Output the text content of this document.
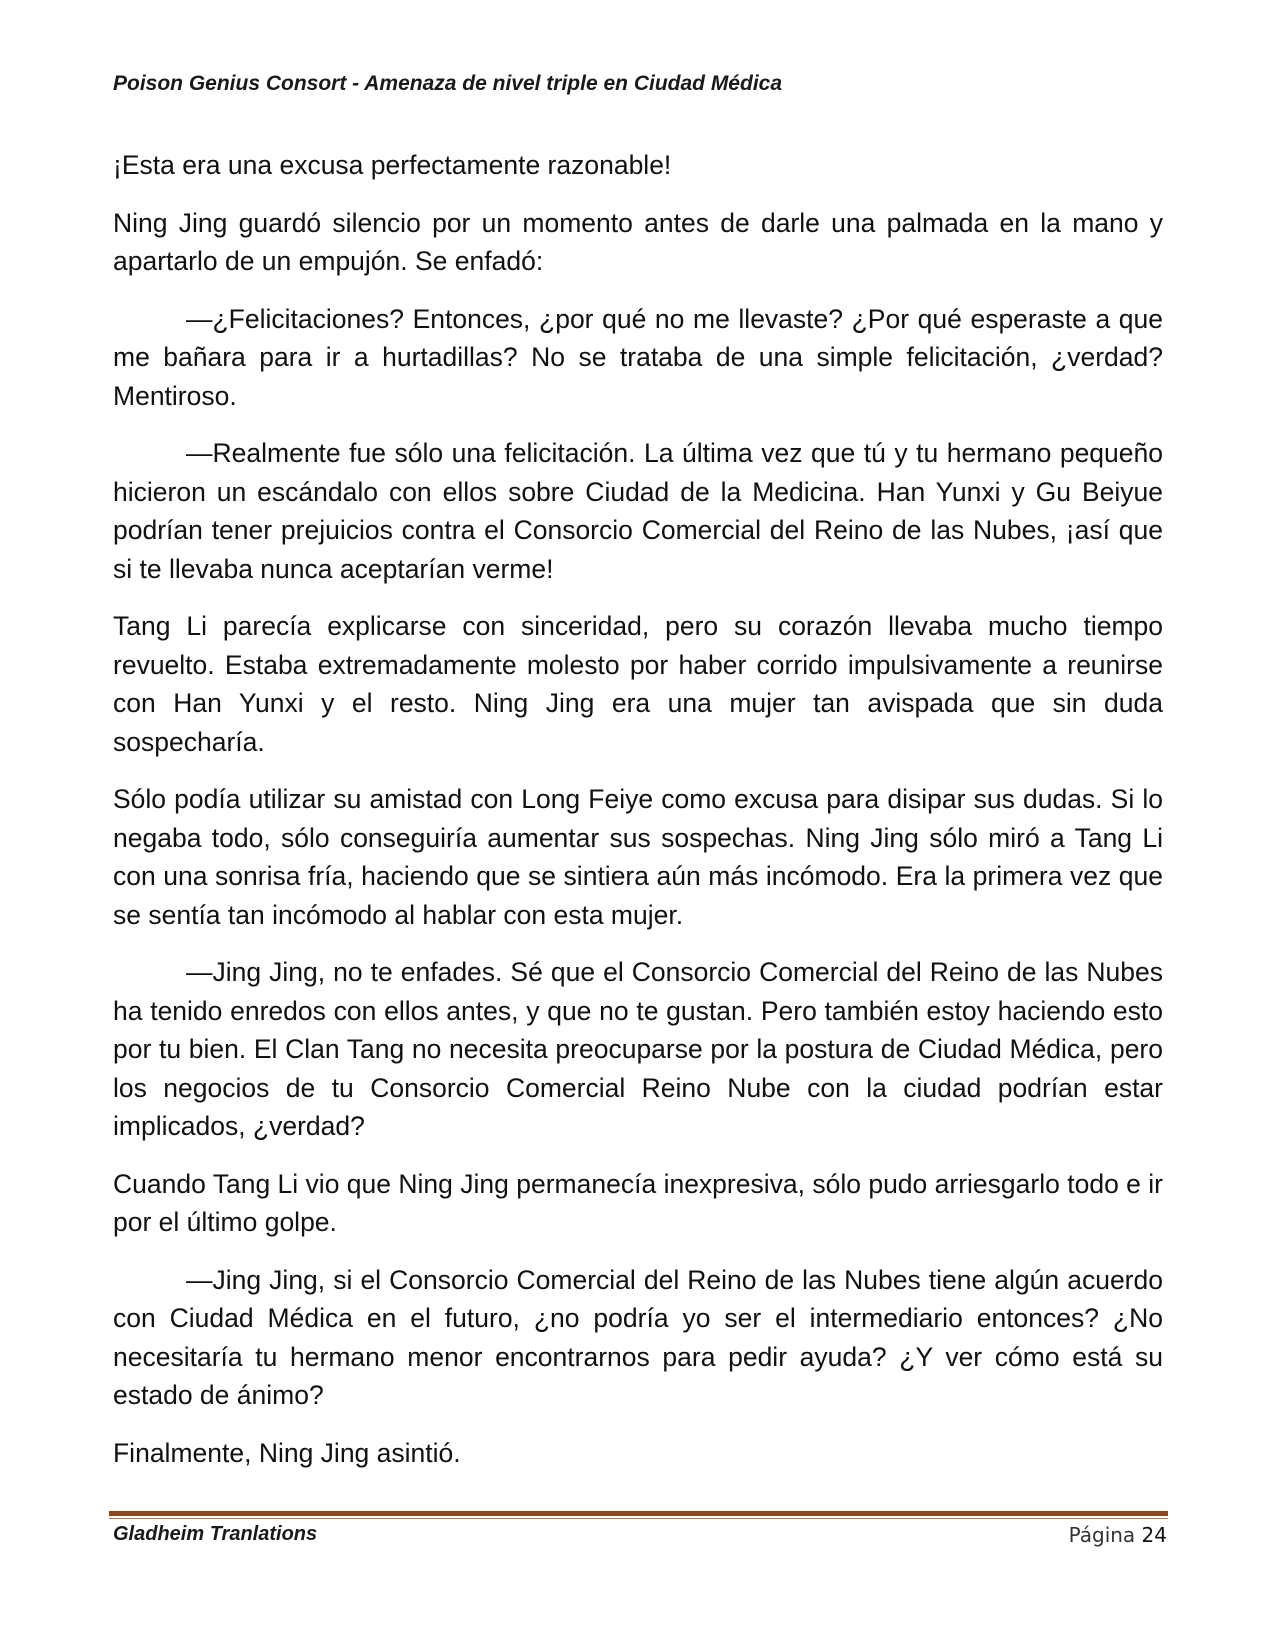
Poison Genius Consort - Amenaza de nivel triple en Ciudad Médica

¡Esta era una excusa perfectamente razonable!

Ning Jing guardó silencio por un momento antes de darle una palmada en la mano y apartarlo de un empujón. Se enfadó:

—¿Felicitaciones? Entonces, ¿por qué no me llevaste? ¿Por qué esperaste a que me bañara para ir a hurtadillas? No se trataba de una simple felicitación, ¿verdad? Mentiroso.

—Realmente fue sólo una felicitación. La última vez que tú y tu hermano pequeño hicieron un escándalo con ellos sobre Ciudad de la Medicina. Han Yunxi y Gu Beiyue podrían tener prejuicios contra el Consorcio Comercial del Reino de las Nubes, ¡así que si te llevaba nunca aceptarían verme!

Tang Li parecía explicarse con sinceridad, pero su corazón llevaba mucho tiempo revuelto. Estaba extremadamente molesto por haber corrido impulsivamente a reunirse con Han Yunxi y el resto. Ning Jing era una mujer tan avispada que sin duda sospecharía.

Sólo podía utilizar su amistad con Long Feiye como excusa para disipar sus dudas. Si lo negaba todo, sólo conseguiría aumentar sus sospechas. Ning Jing sólo miró a Tang Li con una sonrisa fría, haciendo que se sintiera aún más incómodo. Era la primera vez que se sentía tan incómodo al hablar con esta mujer.

—Jing Jing, no te enfades. Sé que el Consorcio Comercial del Reino de las Nubes ha tenido enredos con ellos antes, y que no te gustan. Pero también estoy haciendo esto por tu bien. El Clan Tang no necesita preocuparse por la postura de Ciudad Médica, pero los negocios de tu Consorcio Comercial Reino Nube con la ciudad podrían estar implicados, ¿verdad?

Cuando Tang Li vio que Ning Jing permanecía inexpresiva, sólo pudo arriesgarlo todo e ir por el último golpe.

—Jing Jing, si el Consorcio Comercial del Reino de las Nubes tiene algún acuerdo con Ciudad Médica en el futuro, ¿no podría yo ser el intermediario entonces? ¿No necesitaría tu hermano menor encontrarnos para pedir ayuda? ¿Y ver cómo está su estado de ánimo?

Finalmente, Ning Jing asintió.

Gladheim Tranlations	Página 24
